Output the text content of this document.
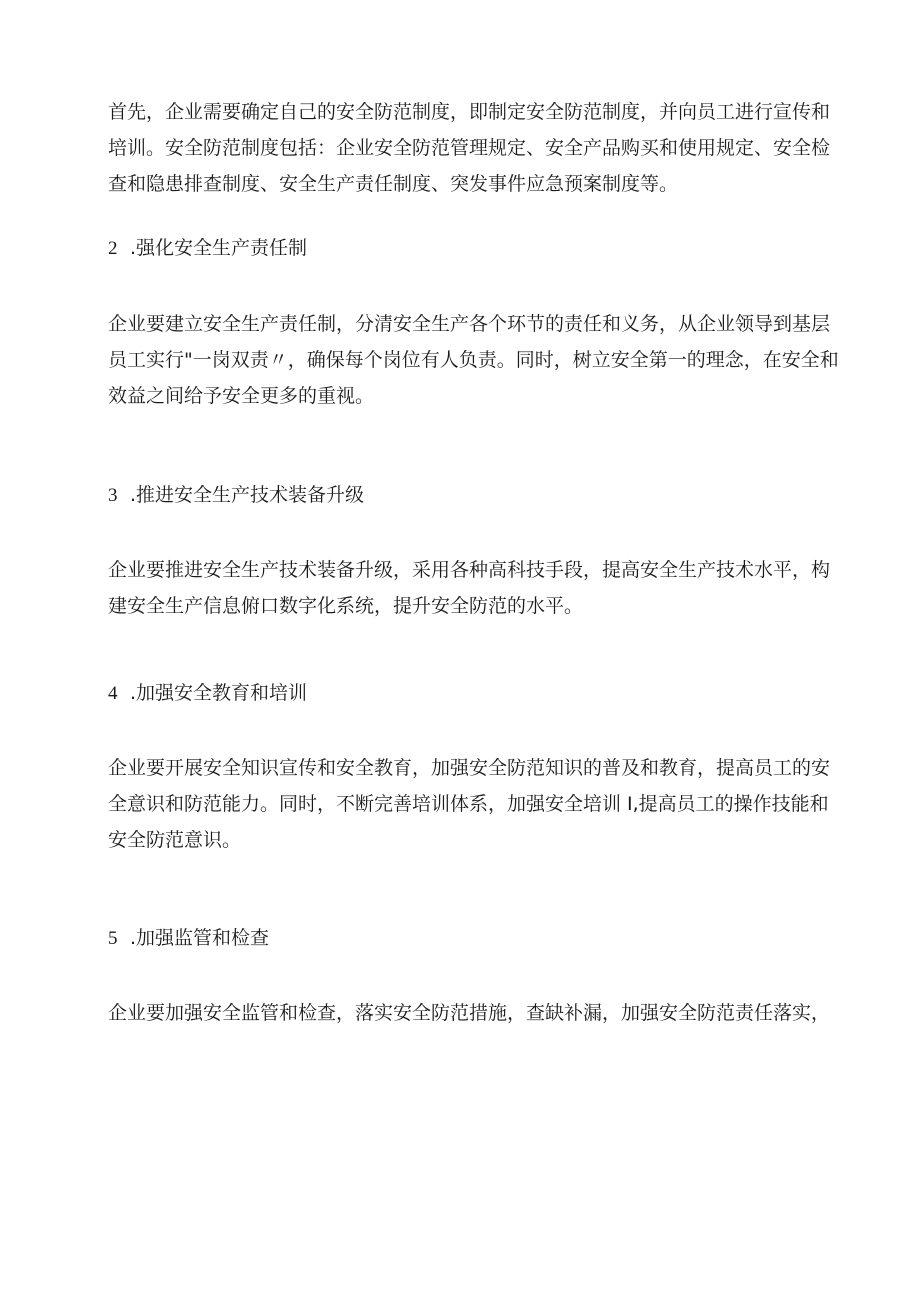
首先，企业需要确定自己的安全防范制度，即制定安全防范制度，并向员工进行宣传和
培训。安全防范制度包括：企业安全防范管理规定、安全产品购买和使用规定、安全检
查和隐患排查制度、安全生产责任制度、突发事件应急预案制度等。

2 .强化安全生产责任制

企业要建立安全生产责任制，分清安全生产各个环节的责任和义务，从企业领导到基层
员工实行"一岗双责〃，确保每个岗位有人负责。同时，树立安全第一的理念，在安全和
效益之间给予安全更多的重视。

3 .推进安全生产技术装备升级

企业要推进安全生产技术装备升级，采用各种高科技手段，提高安全生产技术水平，构
建安全生产信息俯口数字化系统，提升安全防范的水平。

4 .加强安全教育和培训

企业要开展安全知识宣传和安全教育，加强安全防范知识的普及和教育，提高员工的安
全意识和防范能力。同时，不断完善培训体系，加强安全培训 I,提高员工的操作技能和
安全防范意识。

5 .加强监管和检查

企业要加强安全监管和检查，落实安全防范措施，查缺补漏，加强安全防范责任落实，
